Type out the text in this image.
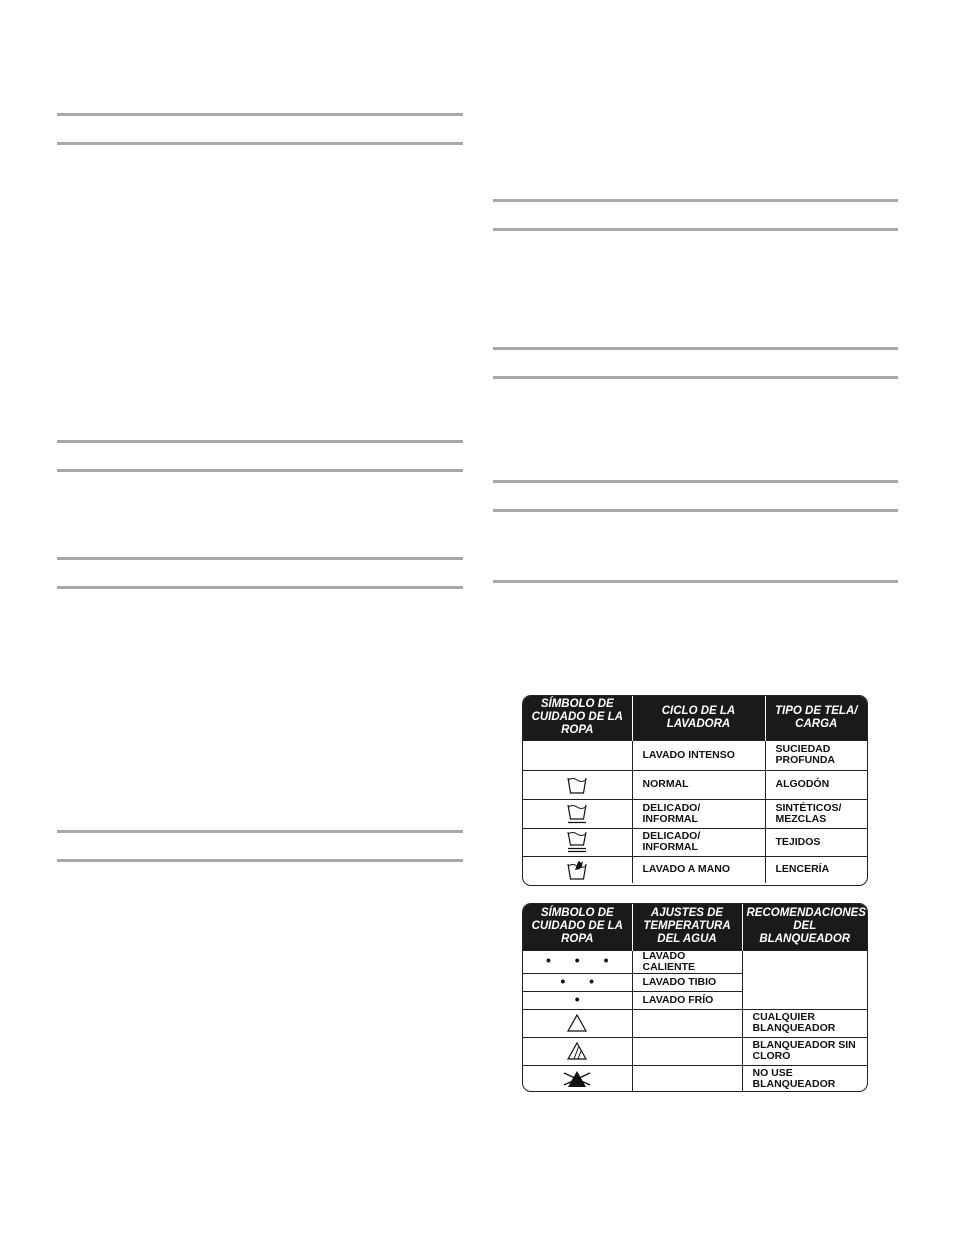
SÍMBOLO DE CUIDADO DE LA ROPA	CICLO DE LA LAVADORA	TIPO DE TELA/ CARGA
	LAVADO INTENSO	SUCIEDAD PROFUNDA
	NORMAL	ALGODÓN
	DELICADO/ INFORMAL	SINTÉTICOS/ MEZCLAS
	DELICADO/ INFORMAL	TEJIDOS
	LAVADO A MANO	LENCERÍA
SÍMBOLO DE CUIDADO DE LA ROPA	AJUSTES DE TEMPERATURA DEL AGUA	RECOMENDACIONES DEL BLANQUEADOR
• • •	LAVADO CALIENTE	
• •	LAVADO TIBIO	
•	LAVADO FRÍO	
		CUALQUIER BLANQUEADOR
		BLANQUEADOR SIN CLORO
		NO USE BLANQUEADOR
